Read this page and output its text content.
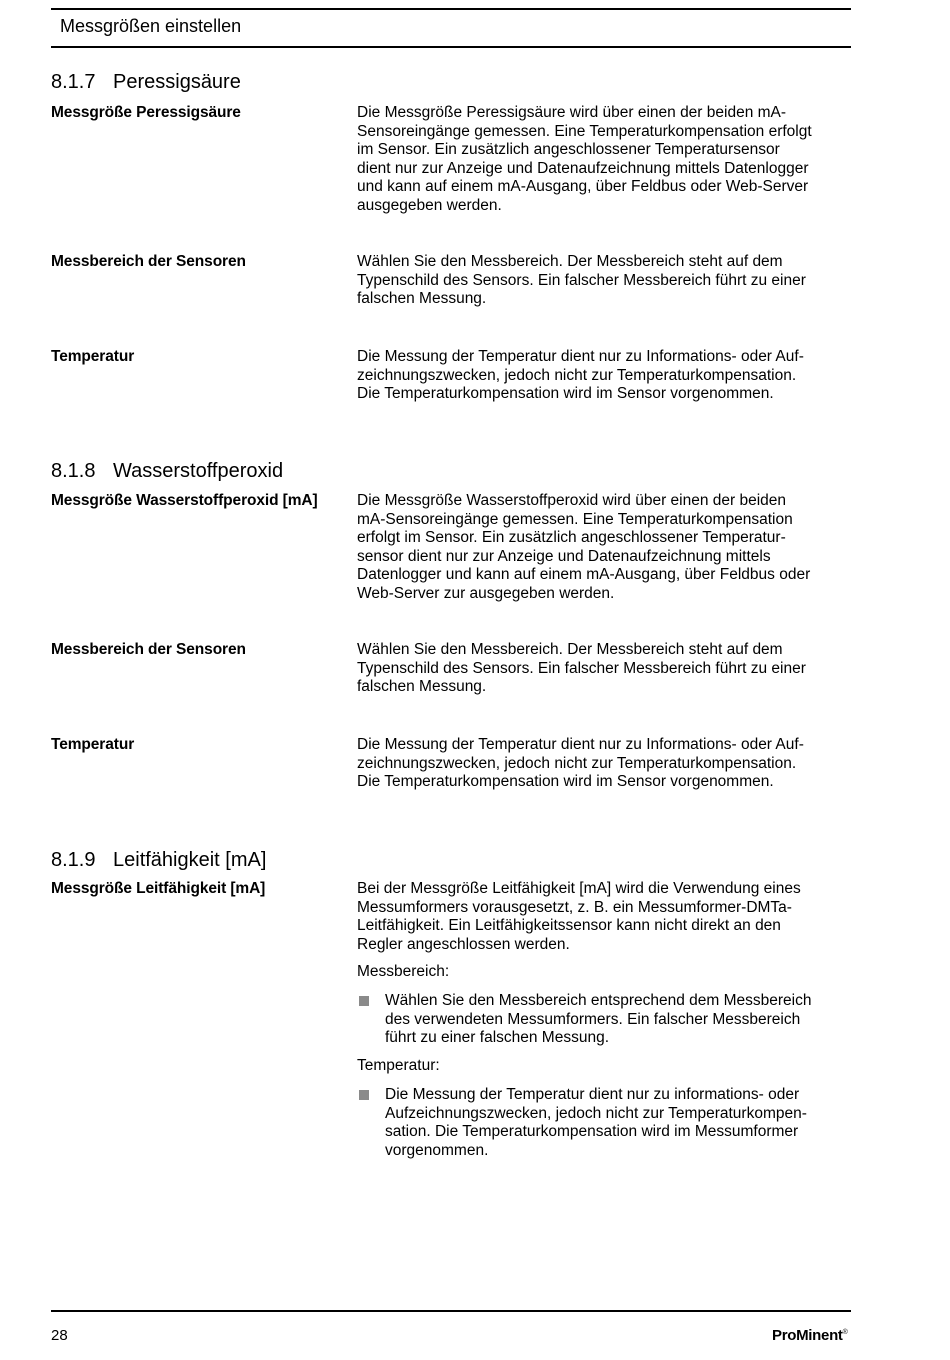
Messgrößen einstellen
8.1.7 Peressigsäure
Messgröße Peressigsäure	Die Messgröße Peressigsäure wird über einen der beiden mA-
Sensoreingänge gemessen. Eine Temperaturkompensation erfolgt
im Sensor. Ein zusätzlich angeschlossener Temperatursensor
dient nur zur Anzeige und Datenaufzeichnung mittels Datenlogger
und kann auf einem mA-Ausgang, über Feldbus oder Web-Server
ausgegeben werden.
Messbereich der Sensoren	Wählen Sie den Messbereich. Der Messbereich steht auf dem
Typenschild des Sensors. Ein falscher Messbereich führt zu einer
falschen Messung.
Temperatur	Die Messung der Temperatur dient nur zu Informations- oder Auf-
zeichnungszwecken, jedoch nicht zur Temperaturkompensation.
Die Temperaturkompensation wird im Sensor vorgenommen.
8.1.8 Wasserstoffperoxid
Messgröße Wasserstoffperoxid [mA]	Die Messgröße Wasserstoffperoxid wird über einen der beiden
mA-Sensoreingänge gemessen. Eine Temperaturkompensation
erfolgt im Sensor. Ein zusätzlich angeschlossener Temperatur-
sensor dient nur zur Anzeige und Datenaufzeichnung mittels
Datenlogger und kann auf einem mA-Ausgang, über Feldbus oder
Web-Server zur ausgegeben werden.
Messbereich der Sensoren	Wählen Sie den Messbereich. Der Messbereich steht auf dem
Typenschild des Sensors. Ein falscher Messbereich führt zu einer
falschen Messung.
Temperatur	Die Messung der Temperatur dient nur zu Informations- oder Auf-
zeichnungszwecken, jedoch nicht zur Temperaturkompensation.
Die Temperaturkompensation wird im Sensor vorgenommen.
8.1.9 Leitfähigkeit [mA]
Messgröße Leitfähigkeit [mA]	Bei der Messgröße Leitfähigkeit [mA] wird die Verwendung eines
Messumformers vorausgesetzt, z. B. ein Messumformer-DMTa-
Leitfähigkeit. Ein Leitfähigkeitssensor kann nicht direkt an den
Regler angeschlossen werden.
Messbereich:
Wählen Sie den Messbereich entsprechend dem Messbereich
des verwendeten Messumformers. Ein falscher Messbereich
führt zu einer falschen Messung.
Temperatur:
Die Messung der Temperatur dient nur zu informations- oder
Aufzeichnungszwecken, jedoch nicht zur Temperaturkompen-
sation. Die Temperaturkompensation wird im Messumformer
vorgenommen.
28	ProMinent®
